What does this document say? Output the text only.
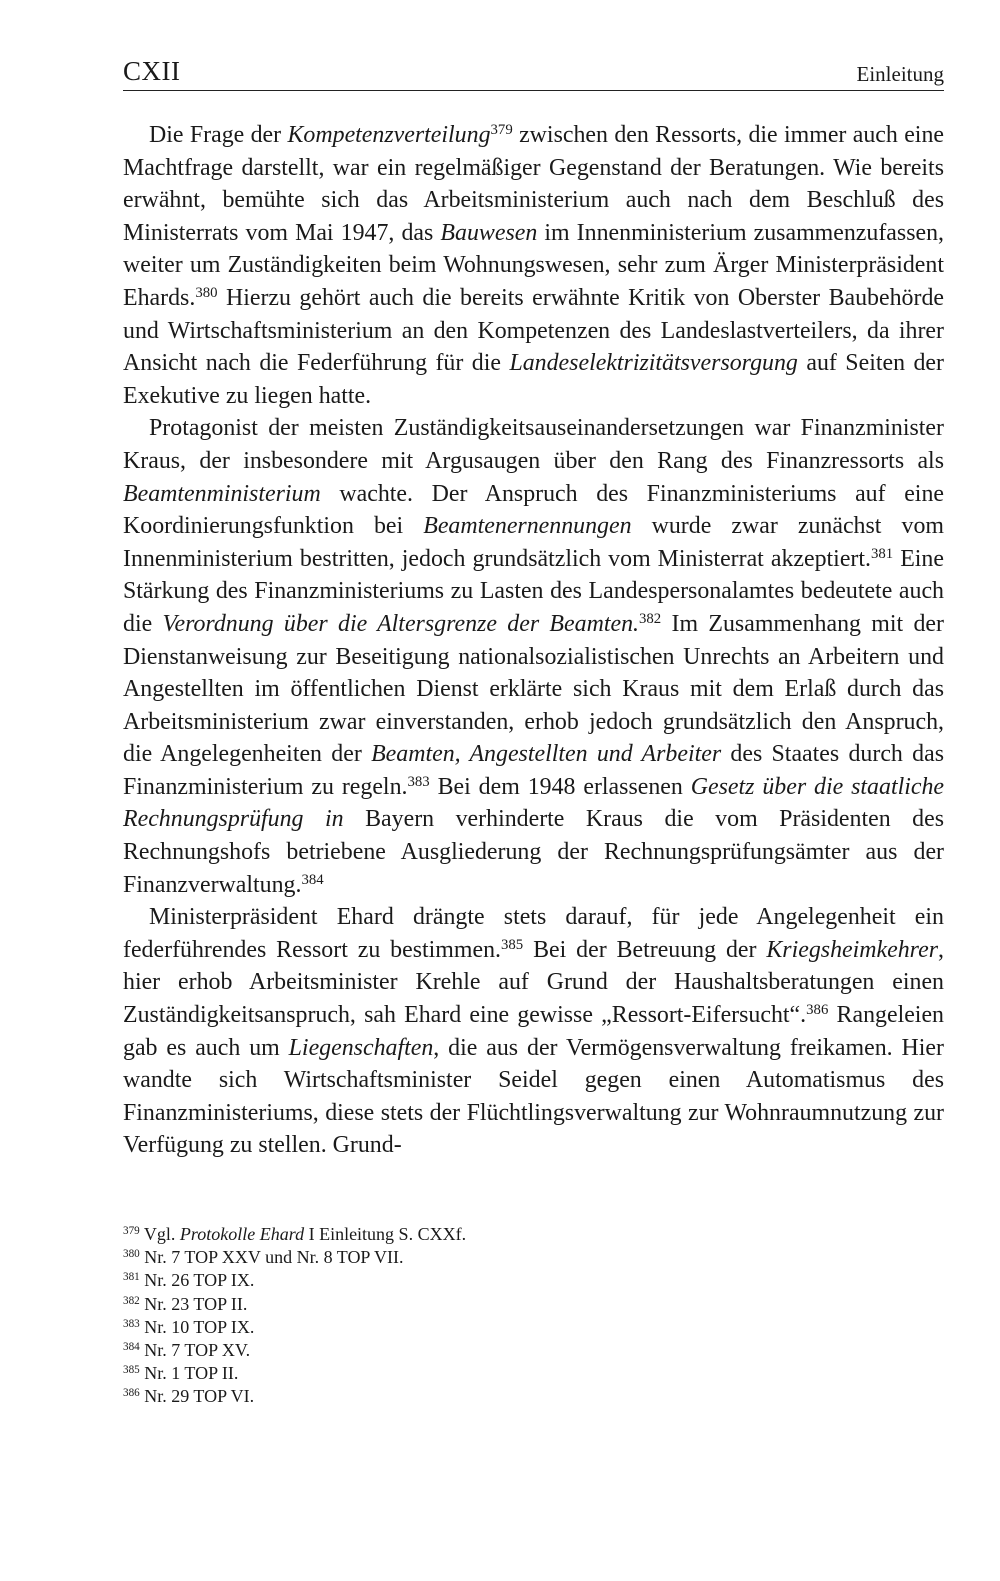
CXII	Einleitung

Die Frage der Kompetenzverteilung$^{379}$ zwischen den Ressorts, die immer auch eine Machtfrage darstellt, war ein regelmäßiger Gegenstand der Beratungen. Wie bereits erwähnt, bemühte sich das Arbeitsministerium auch nach dem Beschluß des Ministerrats vom Mai 1947, das Bauwesen im Innenministerium zusammenzufassen, weiter um Zuständigkeiten beim Wohnungswesen, sehr zum Ärger Ministerpräsident Ehards.$^{380}$ Hierzu gehört auch die bereits erwähnte Kritik von Oberster Baubehörde und Wirtschaftsministerium an den Kompetenzen des Landeslastverteilers, da ihrer Ansicht nach die Federführung für die Landeselektrizitätsversorgung auf Seiten der Exekutive zu liegen hatte.

Protagonist der meisten Zuständigkeitsauseinandersetzungen war Finanzminister Kraus, der insbesondere mit Argusaugen über den Rang des Finanzressorts als Beamtenministerium wachte. Der Anspruch des Finanzministeriums auf eine Koordinierungsfunktion bei Beamtenernennungen wurde zwar zunächst vom Innenministerium bestritten, jedoch grundsätzlich vom Ministerrat akzeptiert.$^{381}$ Eine Stärkung des Finanzministeriums zu Lasten des Landespersonalamtes bedeutete auch die Verordnung über die Altersgrenze der Beamten.$^{382}$ Im Zusammenhang mit der Dienstanweisung zur Beseitigung nationalsozialistischen Unrechts an Arbeitern und Angestellten im öffentlichen Dienst erklärte sich Kraus mit dem Erlaß durch das Arbeitsministerium zwar einverstanden, erhob jedoch grundsätzlich den Anspruch, die Angelegenheiten der Beamten, Angestellten und Arbeiter des Staates durch das Finanzministerium zu regeln.$^{383}$ Bei dem 1948 erlassenen Gesetz über die staatliche Rechnungsprüfung in Bayern verhinderte Kraus die vom Präsidenten des Rechnungshofs betriebene Ausgliederung der Rechnungsprüfungsämter aus der Finanzverwaltung.$^{384}$

Ministerpräsident Ehard drängte stets darauf, für jede Angelegenheit ein federführendes Ressort zu bestimmen.$^{385}$ Bei der Betreuung der Kriegsheimkehrer, hier erhob Arbeitsminister Krehle auf Grund der Haushaltsberatungen einen Zuständigkeitsanspruch, sah Ehard eine gewisse „Ressort-Eifersucht“.$^{386}$ Rangeleien gab es auch um Liegenschaften, die aus der Vermögensverwaltung freikamen. Hier wandte sich Wirtschaftsminister Seidel gegen einen Automatismus des Finanzministeriums, diese stets der Flüchtlingsverwaltung zur Wohnraumnutzung zur Verfügung zu stellen. Grund-

$^{379}$ Vgl. Protokolle Ehard I Einleitung S. CXXf.
$^{380}$ Nr. 7 TOP XXV und Nr. 8 TOP VII.
$^{381}$ Nr. 26 TOP IX.
$^{382}$ Nr. 23 TOP II.
$^{383}$ Nr. 10 TOP IX.
$^{384}$ Nr. 7 TOP XV.
$^{385}$ Nr. 1 TOP II.
$^{386}$ Nr. 29 TOP VI.
